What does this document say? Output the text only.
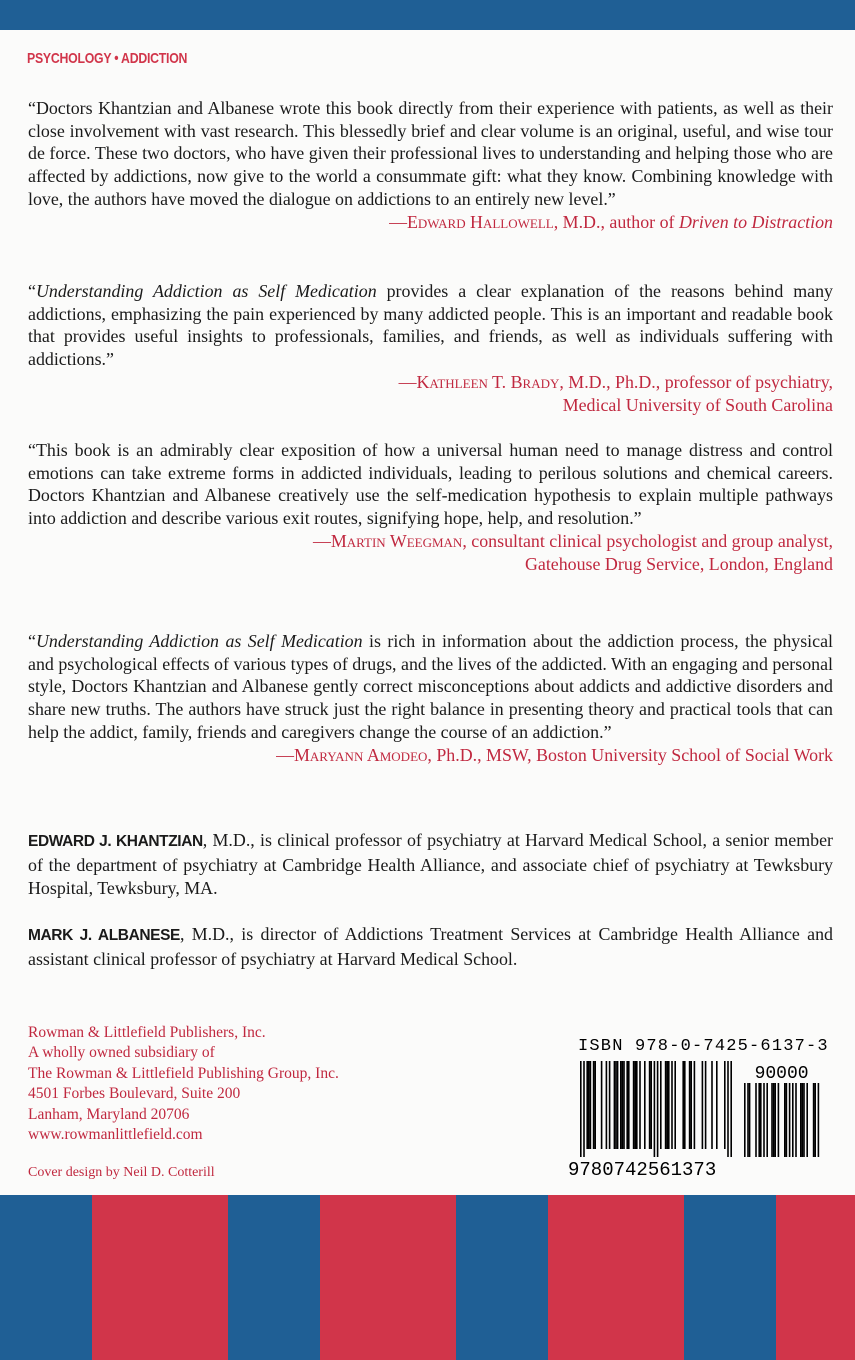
PSYCHOLOGY • ADDICTION

“Doctors Khantzian and Albanese wrote this book directly from their experience with patients, as well as their close involvement with vast research. This blessedly brief and clear volume is an original, useful, and wise tour de force. These two doctors, who have given their professional lives to understanding and helping those who are affected by addictions, now give to the world a consummate gift: what they know. Combining knowledge with love, the authors have moved the dialogue on addictions to an entirely new level.”

—Edward Hallowell, M.D., author of Driven to Distraction

“Understanding Addiction as Self Medication provides a clear explanation of the reasons behind many addictions, emphasizing the pain experienced by many addicted people. This is an important and readable book that provides useful insights to professionals, families, and friends, as well as individuals suffering with addictions.”

—Kathleen T. Brady, M.D., Ph.D., professor of psychiatry,
Medical University of South Carolina

“This book is an admirably clear exposition of how a universal human need to manage distress and control emotions can take extreme forms in addicted individuals, leading to perilous solutions and chemical careers. Doctors Khantzian and Albanese creatively use the self-medication hypothesis to explain multiple pathways into addiction and describe various exit routes, signifying hope, help, and resolution.”

—Martin Weegman, consultant clinical psychologist and group analyst,
Gatehouse Drug Service, London, England

“Understanding Addiction as Self Medication is rich in information about the addiction process, the physical and psychological effects of various types of drugs, and the lives of the addicted. With an engaging and personal style, Doctors Khantzian and Albanese gently correct misconceptions about addicts and addictive disorders and share new truths. The authors have struck just the right balance in presenting theory and practical tools that can help the addict, family, friends and caregivers change the course of an addiction.”

—Maryann Amodeo, Ph.D., MSW, Boston University School of Social Work

EDWARD J. KHANTZIAN, M.D., is clinical professor of psychiatry at Harvard Medical School, a senior member of the department of psychiatry at Cambridge Health Alliance, and associate chief of psychiatry at Tewksbury Hospital, Tewksbury, MA.

MARK J. ALBANESE, M.D., is director of Addictions Treatment Services at Cambridge Health Alliance and assistant clinical professor of psychiatry at Harvard Medical School.

Rowman & Littlefield Publishers, Inc.
A wholly owned subsidiary of
The Rowman & Littlefield Publishing Group, Inc.
4501 Forbes Boulevard, Suite 200
Lanham, Maryland 20706
www.rowmanlittlefield.com
Cover design by Neil D. Cotterill
ISBN 978-0-7425-6137-3
90000
9780742561373
